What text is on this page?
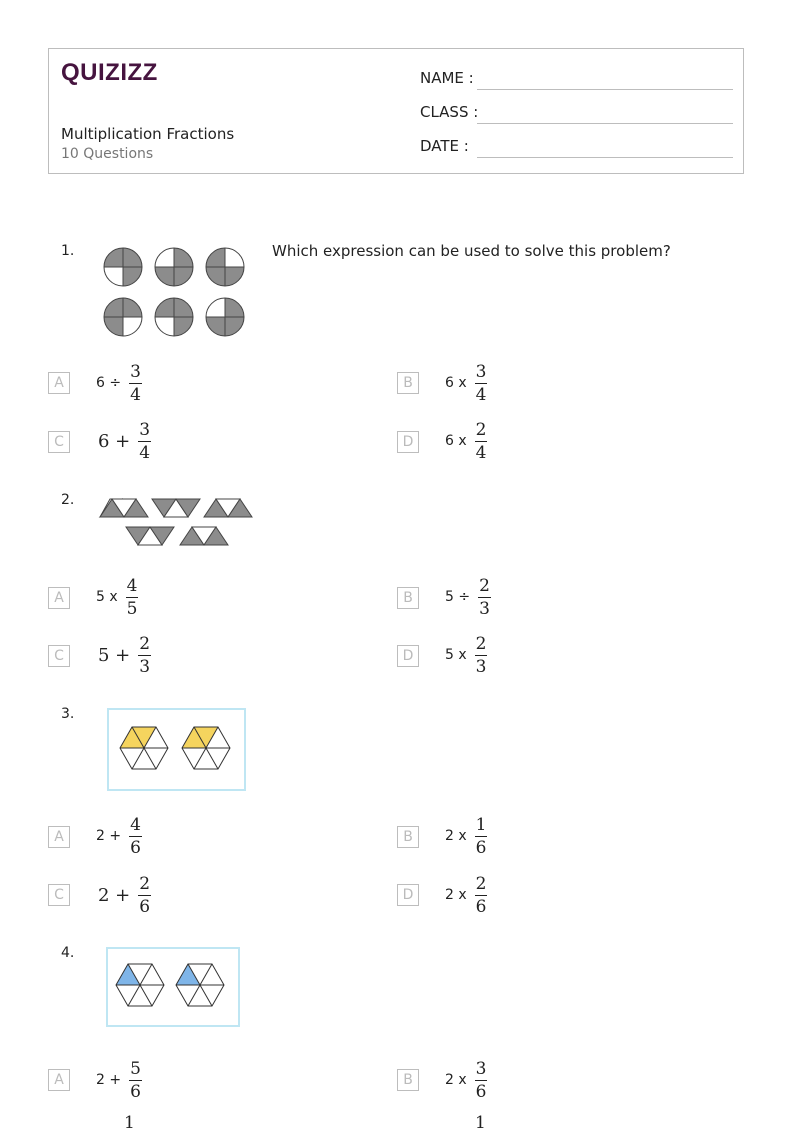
QUIZIZZ
Multiplication Fractions
10 Questions
NAME :
CLASS :
DATE :
1.	Which expression can be used to solve this problem?
A	$6 \div \frac{3}{4}$	B	6 x $\frac{3}{4}$
C	$6 + \frac{3}{4}$	D	6 x $\frac{2}{4}$
2.
A	5 x $\frac{4}{5}$	B	$5 \div \frac{2}{3}$
C	$5 + \frac{2}{3}$	D	5 x $\frac{2}{3}$
3.
A	$2 + \frac{4}{6}$	B	2 x $\frac{1}{6}$
C	$2 + \frac{2}{6}$	D	2 x $\frac{2}{6}$
4.
A	$2 + \frac{5}{6}$	B	2 x $\frac{3}{6}$
1	1
